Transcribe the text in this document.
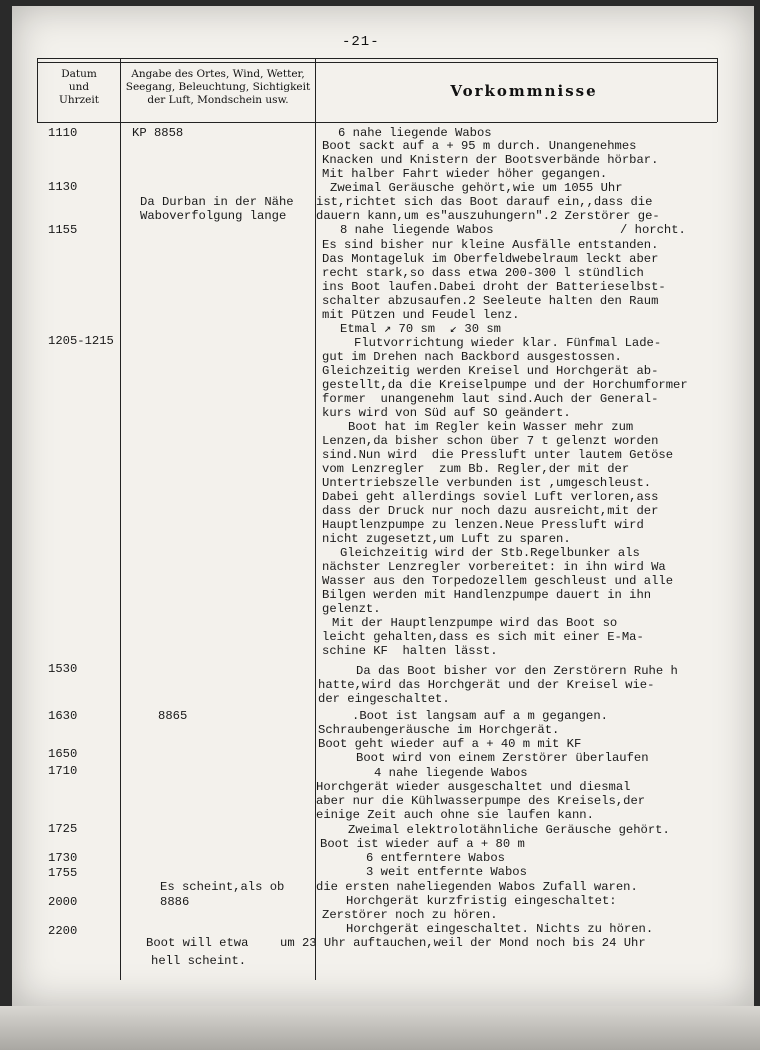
-21-
Datum
und
Uhrzeit
Angabe des Ortes, Wind, Wetter,
Seegang, Beleuchtung, Sichtigkeit
der Luft, Mondschein usw.	Vorkommnisse
1110
1130
1155
1205-1215
1530
1630
1650
1710
1725
1730
1755
2000
2200
KP 8858
Da Durban in der Nähe
Waboverfolgung lange
8865
Es scheint,als ob
8886
Boot will etwa
hell scheint.
6 nahe liegende Wabos
Boot sackt auf a + 95 m durch. Unangenehmes
Knacken und Knistern der Bootsverbände hörbar.
Mit halber Fahrt wieder höher gegangen.
Zweimal Geräusche gehört,wie um 1055 Uhr
ist,richtet sich das Boot darauf ein,,dass die
dauern kann,um es"auszuhungern".2 Zerstörer ge-
8 nahe liegende Wabos	/ horcht.
Es sind bisher nur kleine Ausfälle entstanden.
Das Montageluk im Oberfeldwebelraum leckt aber
recht stark,so dass etwa 200-300 l stündlich
ins Boot laufen.Dabei droht der Batterieselbst-
schalter abzusaufen.2 Seeleute halten den Raum
mit Pützen und Feudel lenz.
Etmal ↗ 70 sm  ↙ 30 sm
Flutvorrichtung wieder klar. Fünfmal Lade-
gut im Drehen nach Backbord ausgestossen.
Gleichzeitig werden Kreisel und Horchgerät ab-
gestellt,da die Kreiselpumpe und der Horchumformer
former  unangenehm laut sind.Auch der General-
kurs wird von Süd auf SO geändert.
Boot hat im Regler kein Wasser mehr zum
Lenzen,da bisher schon über 7 t gelenzt worden
sind.Nun wird  die Pressluft unter lautem Getöse
vom Lenzregler  zum Bb. Regler,der mit der
Untertriebszelle verbunden ist ,umgeschleust.
Dabei geht allerdings soviel Luft verloren,ass
dass der Druck nur noch dazu ausreicht,mit der
Hauptlenzpumpe zu lenzen.Neue Pressluft wird
nicht zugesetzt,um Luft zu sparen.
Gleichzeitig wird der Stb.Regelbunker als
nächster Lenzregler vorbereitet: in ihn wird Wa
Wasser aus den Torpedozellem geschleust und alle
Bilgen werden mit Handlenzpumpe dauert in ihn
gelenzt.
Mit der Hauptlenzpumpe wird das Boot so
leicht gehalten,dass es sich mit einer E-Ma-
schine KF  halten lässt.
Da das Boot bisher vor den Zerstörern Ruhe h
hatte,wird das Horchgerät und der Kreisel wie-
der eingeschaltet.
.Boot ist langsam auf a m gegangen.
Schraubengeräusche im Horchgerät.
Boot geht wieder auf a + 40 m mit KF
Boot wird von einem Zerstörer überlaufen
4 nahe liegende Wabos
Horchgerät wieder ausgeschaltet und diesmal
aber nur die Kühlwasserpumpe des Kreisels,der
einige Zeit auch ohne sie laufen kann.
Zweimal elektrolotähnliche Geräusche gehört.
Boot ist wieder auf a + 80 m
6 entferntere Wabos
3 weit entfernte Wabos
die ersten naheliegenden Wabos Zufall waren.
Horchgerät kurzfristig eingeschaltet:
Zerstörer noch zu hören.
Horchgerät eingeschaltet. Nichts zu hören.
um 23 Uhr auftauchen,weil der Mond noch bis 24 Uhr
